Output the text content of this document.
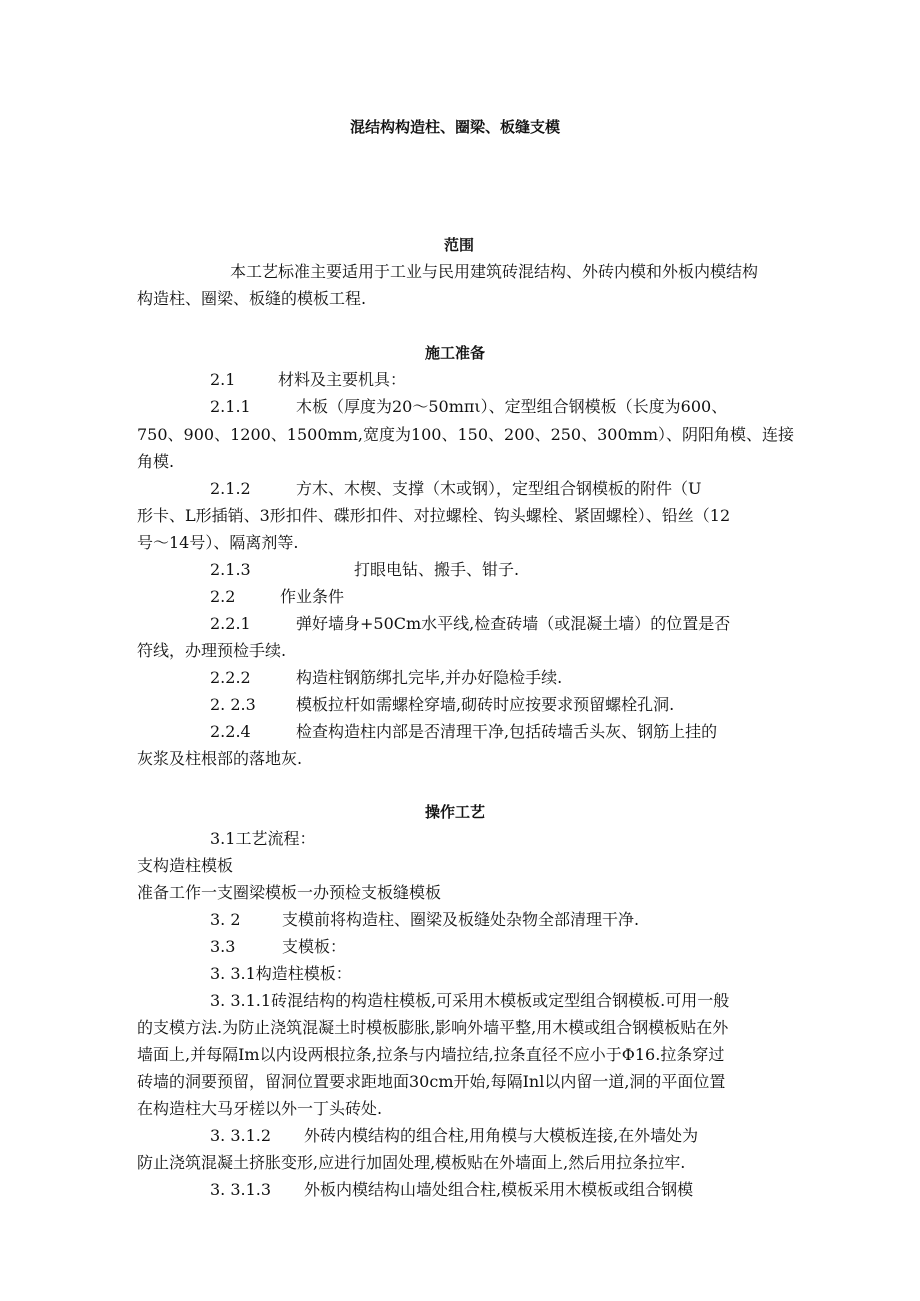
混结构构造柱、圈梁、板缝支模
范围
本工艺标准主要适用于工业与民用建筑砖混结构、外砖内模和外板内模结构
构造柱、圈梁、板缝的模板工程.
施工准备
2.1	材料及主要机具：
2.1.1	木板（厚度为20～50mπι）、定型组合钢模板（长度为600、
750、900、1200、1500mm,宽度为100、150、200、250、300mm）、阴阳角模、连接
角模.
2.1.2	方木、木楔、支撑（木或钢），定型组合钢模板的附件（U
形卡、L形插销、3形扣件、碟形扣件、对拉螺栓、钩头螺栓、紧固螺栓）、铅丝（12
号～14号）、隔离剂等.
2.1.3	打眼电钻、搬手、钳子.
2.2	作业条件
2.2.1	弹好墙身+50Cm水平线,检查砖墙（或混凝土墙）的位置是否
符线，办理预检手续.
2.2.2	构造柱钢筋绑扎完毕,并办好隐检手续.
2. 2.3	模板拉杆如需螺栓穿墙,砌砖时应按要求预留螺栓孔洞.
2.2.4	检查构造柱内部是否清理干净,包括砖墙舌头灰、钢筋上挂的
灰浆及柱根部的落地灰.
操作工艺
3.1工艺流程：
支构造柱模板
准备工作一支圈梁模板一办预检支板缝模板
3. 2	支模前将构造柱、圈梁及板缝处杂物全部清理干净.
3.3	支模板：
3. 3.1构造柱模板：
3. 3.1.1砖混结构的构造柱模板,可采用木模板或定型组合钢模板.可用一般
的支模方法.为防止浇筑混凝土时模板膨胀,影响外墙平整,用木模或组合钢模板贴在外
墙面上,并每隔Im以内设两根拉条,拉条与内墙拉结,拉条直径不应小于Φ16.拉条穿过
砖墙的洞要预留，留洞位置要求距地面30cm开始,每隔Inl以内留一道,洞的平面位置
在构造柱大马牙槎以外一丁头砖处.
3. 3.1.2 外砖内模结构的组合柱,用角模与大模板连接,在外墙处为
防止浇筑混凝土挤胀变形,应进行加固处理,模板贴在外墙面上,然后用拉条拉牢.
3. 3.1.3 外板内模结构山墙处组合柱,模板采用木模板或组合钢模
